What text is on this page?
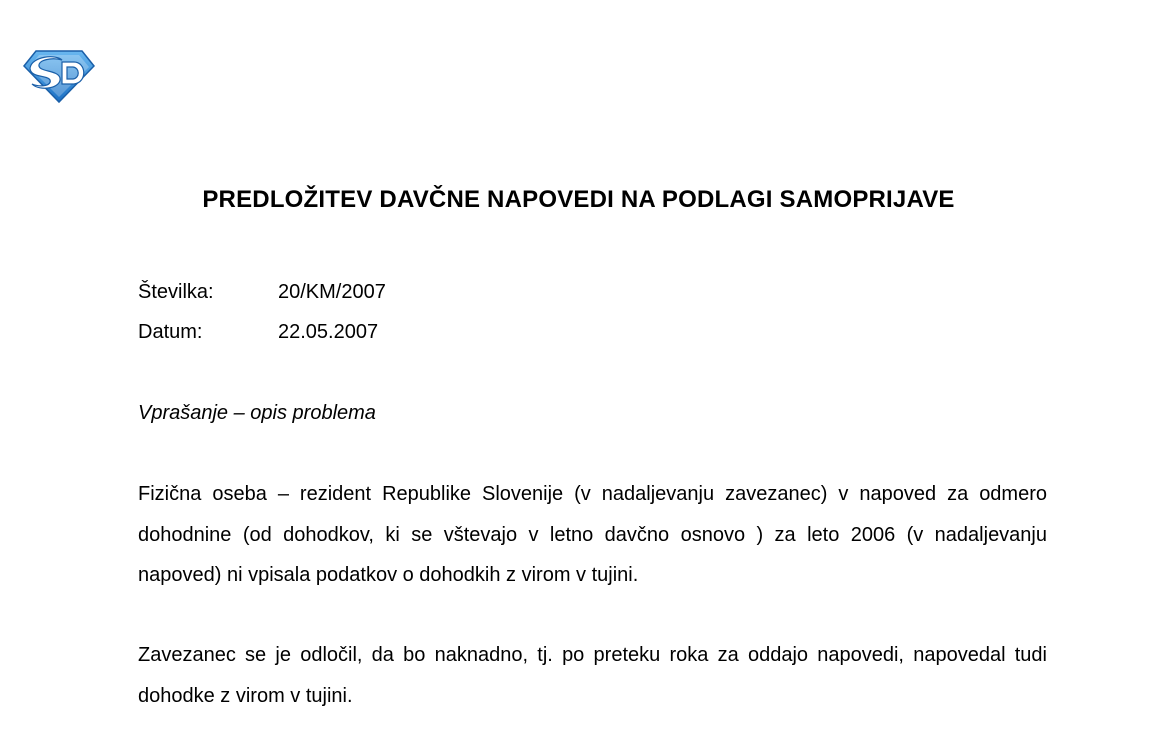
PREDLOŽITEV DAVČNE NAPOVEDI NA PODLAGI SAMOPRIJAVE
Številka:	20/KM/2007
Datum:	22.05.2007
Vprašanje – opis problema

Fizična oseba – rezident Republike Slovenije (v nadaljevanju zavezanec) v napoved za odmero dohodnine (od dohodkov, ki se vštevajo v letno davčno osnovo ) za leto 2006 (v nadaljevanju napoved) ni vpisala podatkov o dohodkih z virom v tujini.

Zavezanec se je odločil, da bo naknadno, tj. po preteku roka za oddajo napovedi, napovedal tudi dohodke z virom v tujini.
